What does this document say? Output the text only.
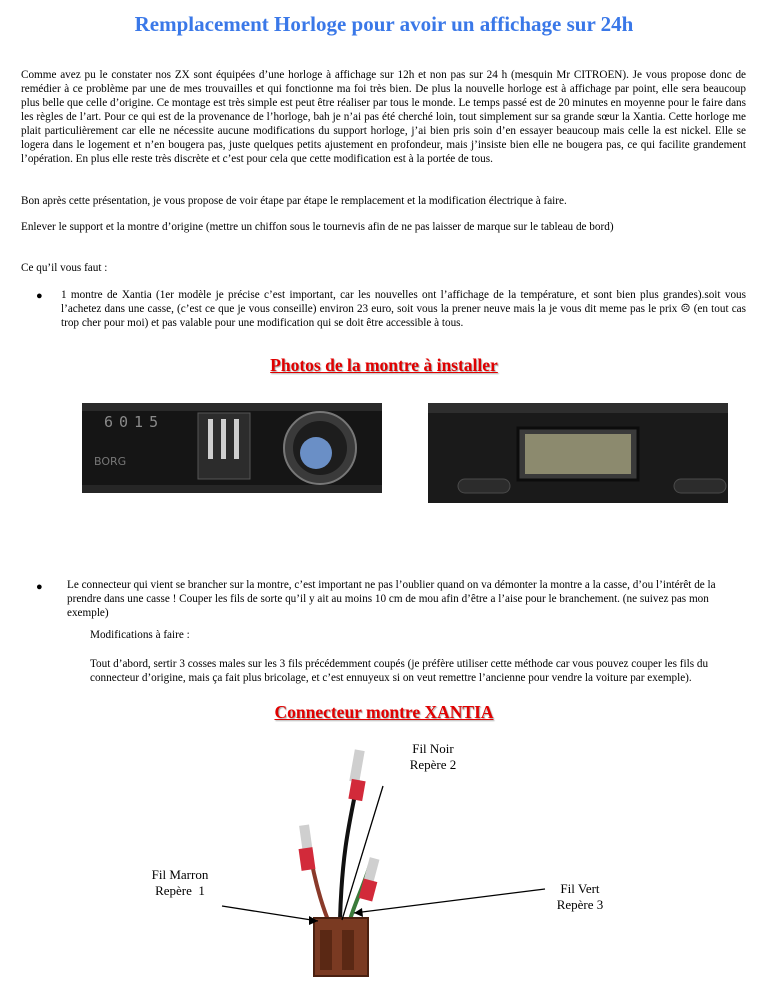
Remplacement Horloge pour avoir un affichage sur 24h
Comme avez pu le constater nos ZX sont équipées d’une horloge à affichage sur 12h et non pas sur 24 h (mesquin Mr CITROEN). Je vous propose donc de remédier à ce problème par une de mes trouvailles et qui fonctionne ma foi très bien. De plus la nouvelle horloge est à affichage par point, elle sera beaucoup plus belle que celle d’origine. Ce montage est très simple est peut être réaliser par tous le monde. Le temps passé est de 20 minutes en moyenne pour le faire dans les règles de l’art. Pour ce qui est de la provenance de l’horloge, bah je n’ai pas été cherché loin, tout simplement sur sa grande sœur la Xantia. Cette horloge me plait particulièrement car elle ne nécessite aucune modifications du support horloge, j’ai bien pris soin d’en essayer beaucoup mais celle la est nickel. Elle se logera dans le logement et n’en bougera pas, juste quelques petits ajustement en profondeur, mais j’insiste bien elle ne bougera pas, ce qui facilite grandement l’opération. En plus elle reste très discrète et c’est pour cela que cette modification est à la portée de tous.
Bon après cette présentation, je vous propose de voir étape par étape le remplacement et la modification électrique à faire.
Enlever le support et la montre d’origine (mettre un chiffon sous le tournevis afin de ne pas laisser de marque sur le tableau de bord)
Ce qu’il vous faut :
● 1 montre de Xantia (1er modèle je précise c’est important, car les nouvelles ont l’affichage de la température, et sont bien plus grandes).soit vous l’achetez dans une casse, (c’est ce que je vous conseille) environ 23 euro, soit vous la prener neuve mais la je vous dit meme pas le prix ☹ (en tout cas trop cher pour moi) et pas valable pour une modification qui se doit être accessible à tous.
Photos de la montre à installer
6015
BORG
● Le connecteur qui vient se brancher sur la montre, c’est important ne pas l’oublier quand on va démonter la montre a la casse, d’ou l’intérêt de la prendre dans une casse ! Couper les fils de sorte qu’il y ait au moins 10 cm de mou afin d’être a l’aise pour le branchement. (ne suivez pas mon exemple)
Modifications à faire :
Tout d’abord, sertir 3 cosses males sur les 3 fils précédemment coupés (je préfère utiliser cette méthode car vous pouvez couper les fils du connecteur d’origine, mais ça fait plus bricolage, et c’est ennuyeux si on veut remettre l’ancienne pour vendre la voiture par exemple).
Connecteur montre XANTIA
Fil Noir
Repère 2
Fil Marron
Repère  1	Fil Vert
Repère 3
